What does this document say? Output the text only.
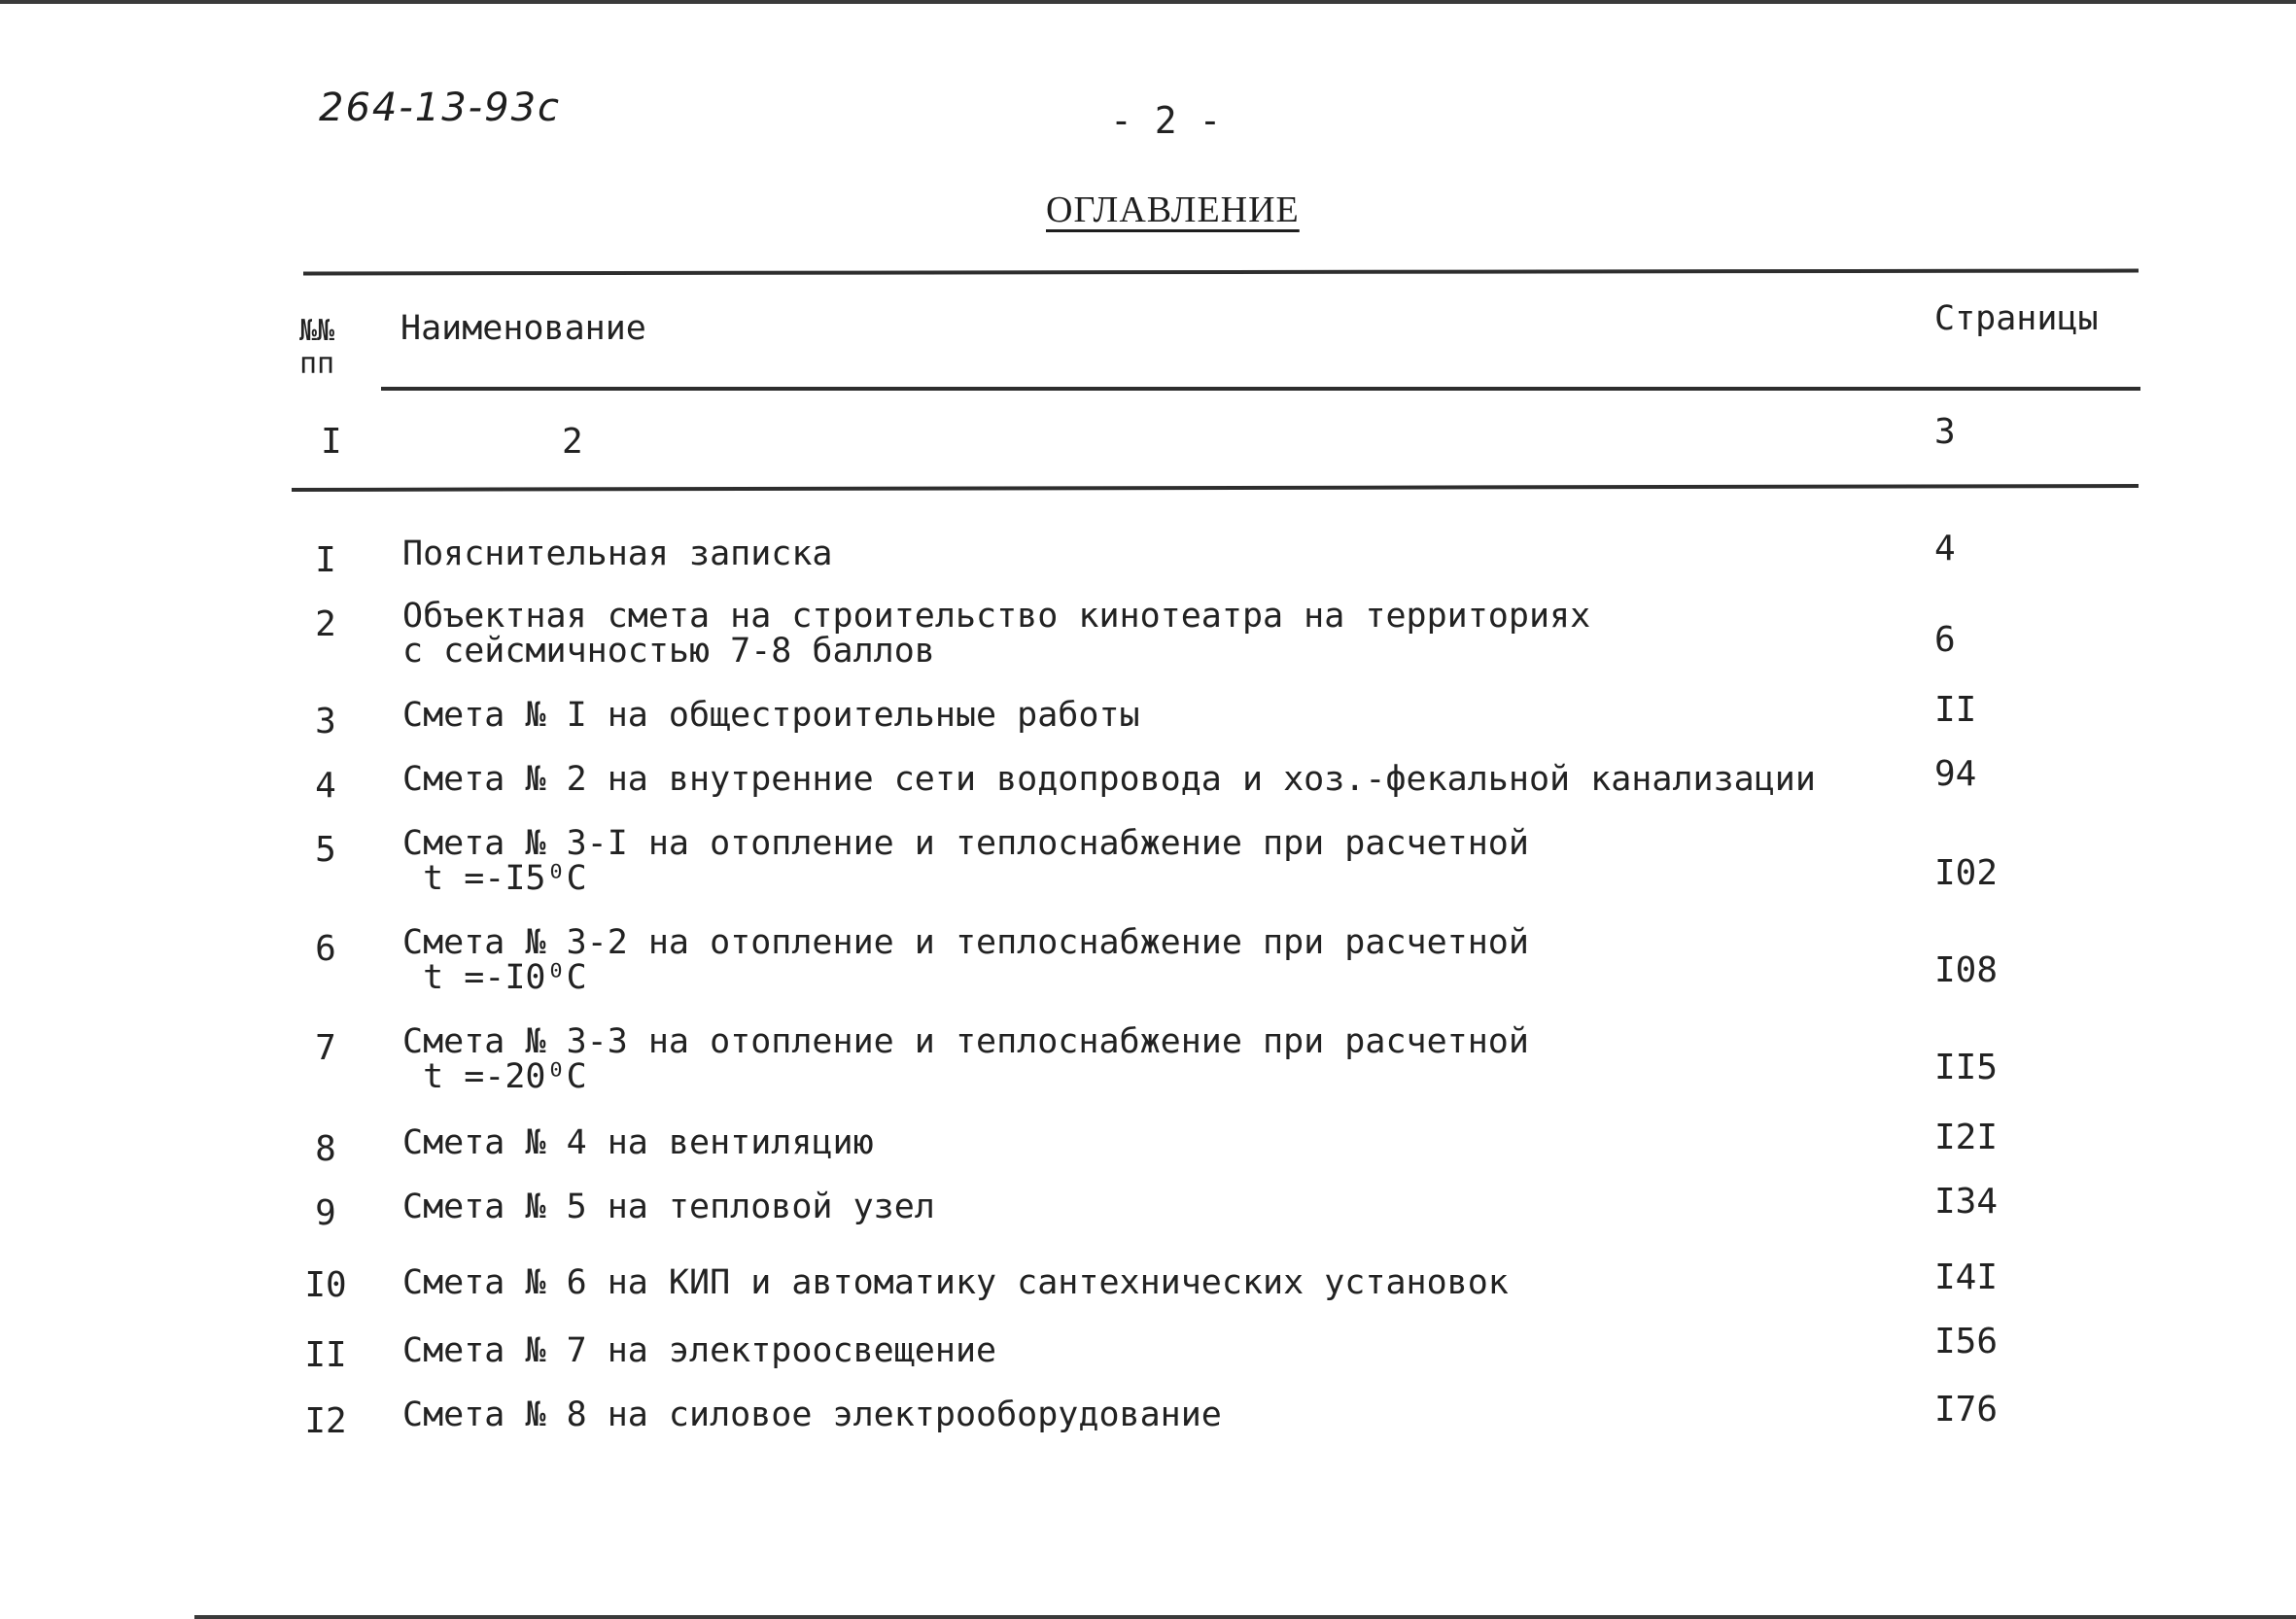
264-13-93с	- 2 -
ОГЛАВЛЕНИЕ
№№
пп
Наименование	Страницы
I	2	3
I	Пояснительная записка	4
2	Объектная смета на строительство кинотеатра на территориях
с сейсмичностью 7-8 баллов	6
3	Смета № I на общестроительные работы	II
4	Смета № 2 на внутренние сети водопровода и хоз.-фекальной канализации	94
5	Смета № 3-I на отопление и теплоснабжение при расчетной
t =-I5⁰C	I02
6	Смета № 3-2 на отопление и теплоснабжение при расчетной
t =-I0⁰C	I08
7	Смета № 3-3 на отопление и теплоснабжение при расчетной
t =-20⁰C	II5
8	Смета № 4 на вентиляцию	I2I
9	Смета № 5 на тепловой узел	I34
I0	Смета № 6 на КИП и автоматику сантехнических установок	I4I
II	Смета № 7 на электроосвещение	I56
I2	Смета № 8 на силовое электрооборудование	I76
